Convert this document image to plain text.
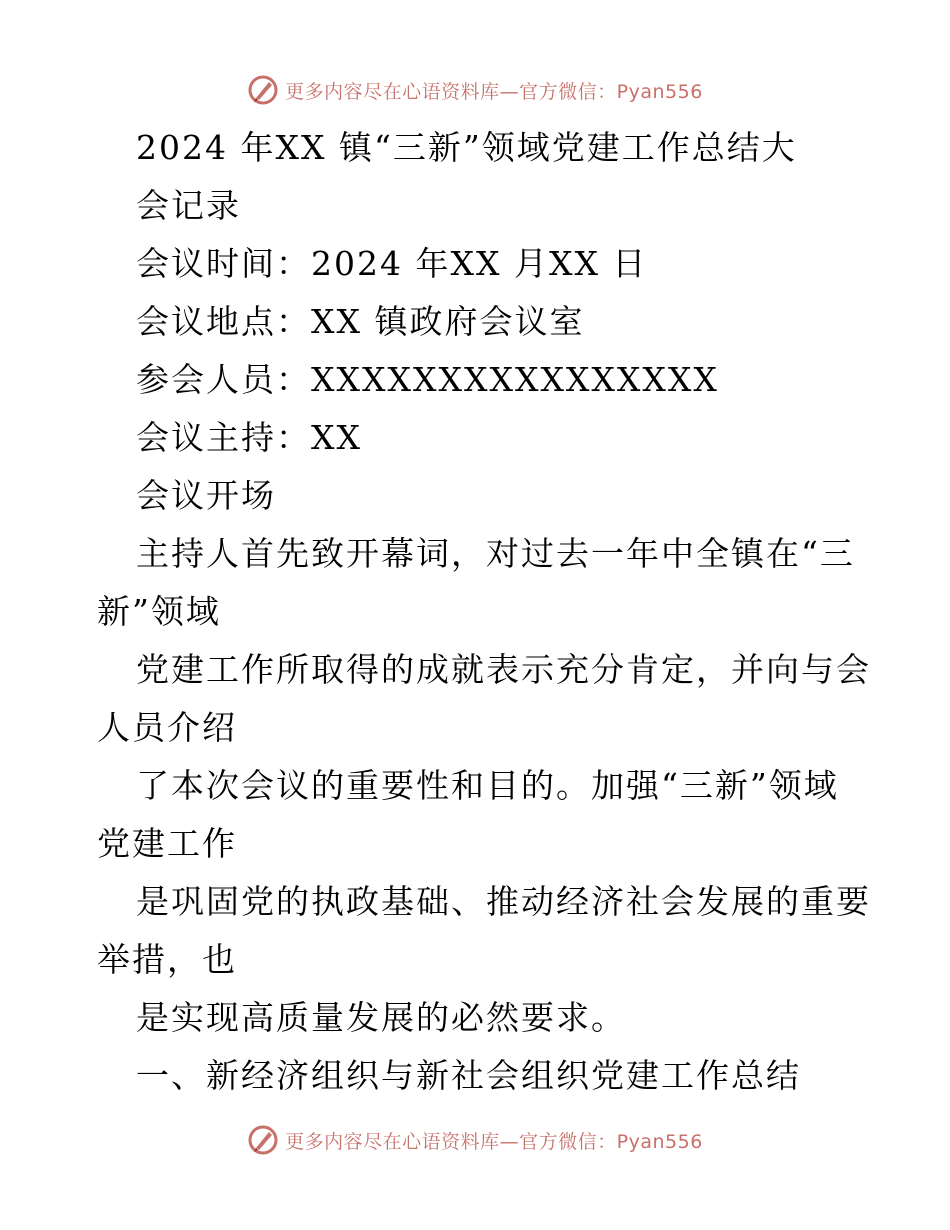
更多内容尽在心语资料库—官方微信：Pyan556
2024 年XX 镇“三新”领域党建工作总结大
会记录
会议时间：2024 年XX 月XX 日
会议地点：XX 镇政府会议室
参会人员：XXXXXXXXXXXXXXXX
会议主持：XX
会议开场
主持人首先致开幕词，对过去一年中全镇在“三
新”领域
党建工作所取得的成就表示充分肯定，并向与会
人员介绍
了本次会议的重要性和目的。加强“三新”领域
党建工作
是巩固党的执政基础、推动经济社会发展的重要
举措，也
是实现高质量发展的必然要求。
一、新经济组织与新社会组织党建工作总结
更多内容尽在心语资料库—官方微信：Pyan556
